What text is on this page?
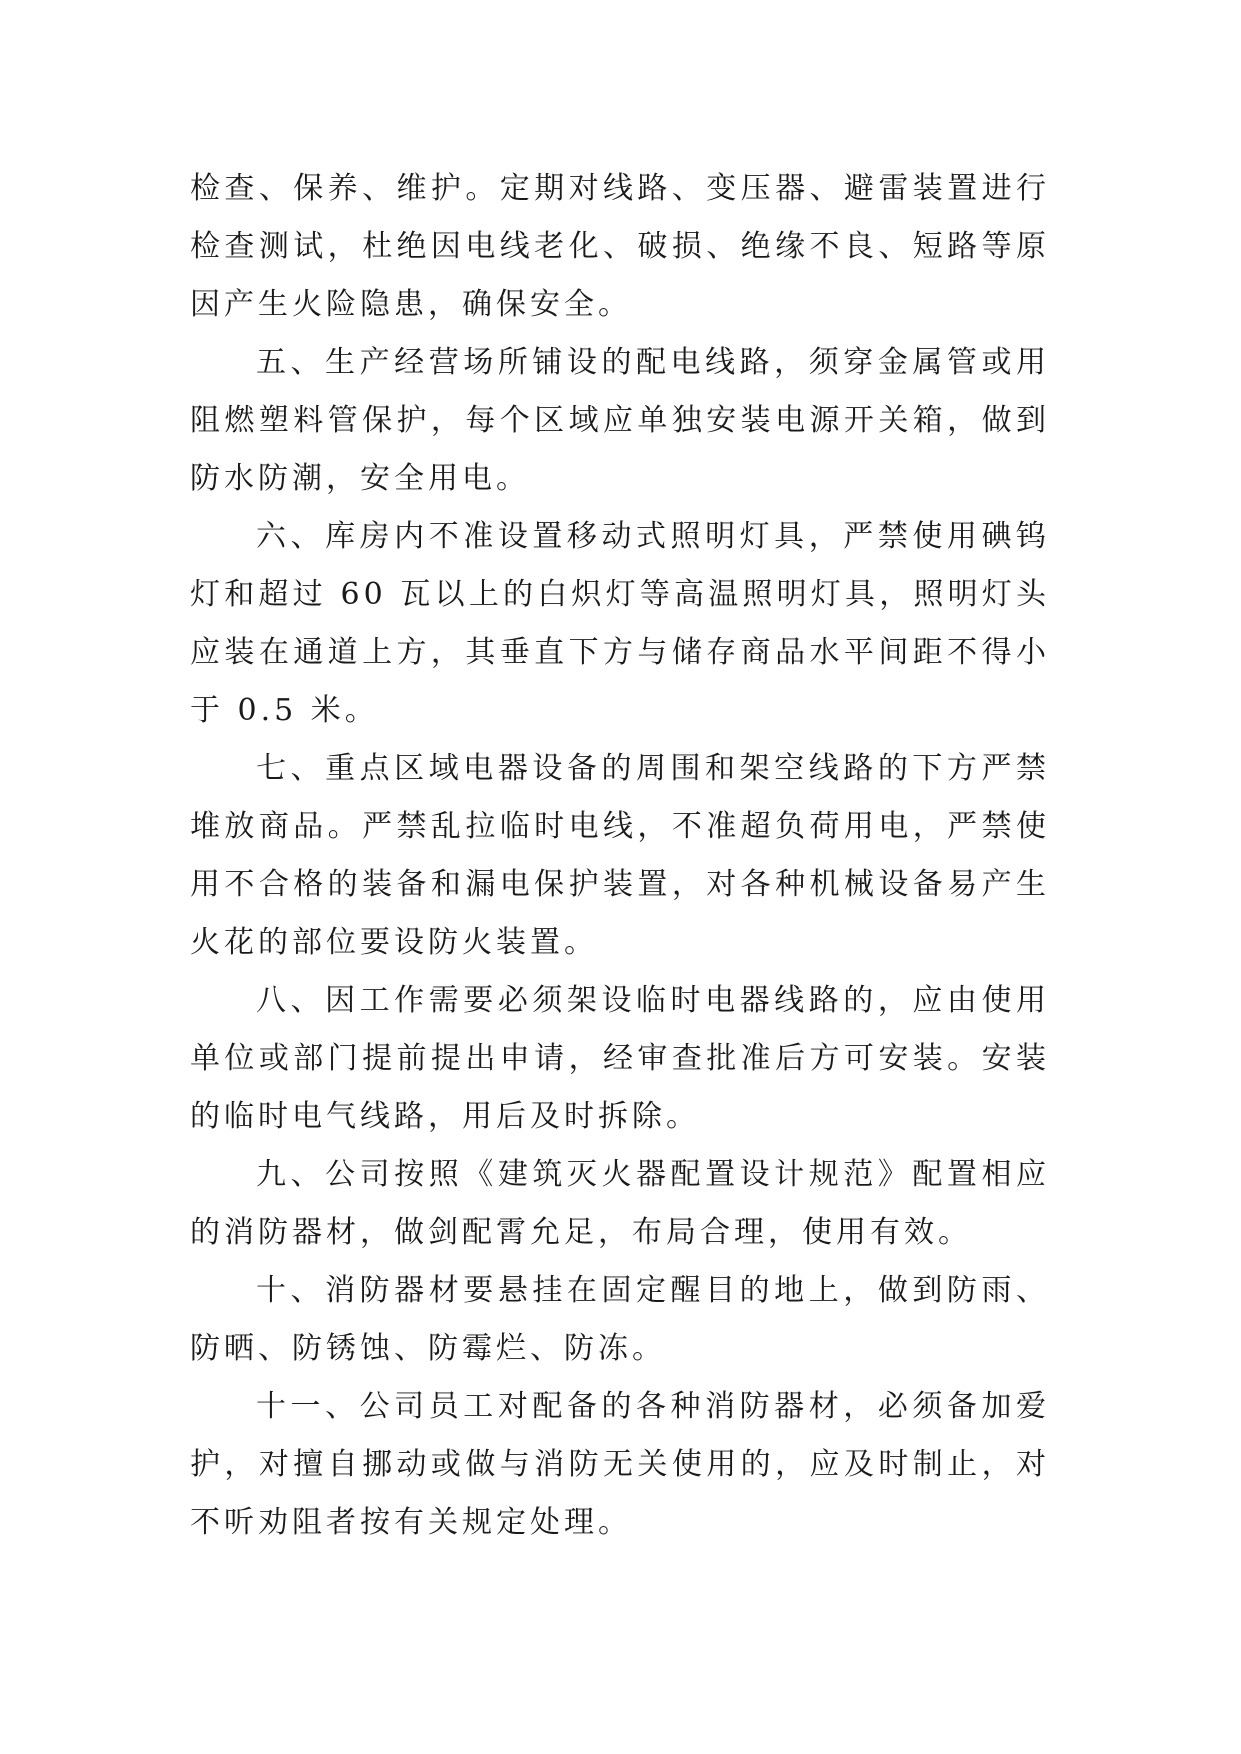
检查、保养、维护。定期对线路、变压器、避雷装置进行检查测试，杜绝因电线老化、破损、绝缘不良、短路等原因产生火险隐患，确保安全。

五、生产经营场所铺设的配电线路，须穿金属管或用阻燃塑料管保护，每个区域应单独安装电源开关箱，做到防水防潮，安全用电。

六、库房内不准设置移动式照明灯具，严禁使用碘钨灯和超过 60 瓦以上的白炽灯等高温照明灯具，照明灯头应装在通道上方，其垂直下方与储存商品水平间距不得小于 0.5 米。

七、重点区域电器设备的周围和架空线路的下方严禁堆放商品。严禁乱拉临时电线，不准超负荷用电，严禁使用不合格的装备和漏电保护装置，对各种机械设备易产生火花的部位要设防火装置。

八、因工作需要必须架设临时电器线路的，应由使用单位或部门提前提出申请，经审查批准后方可安装。安装的临时电气线路，用后及时拆除。

九、公司按照《建筑灭火器配置设计规范》配置相应的消防器材，做剑配霄允足，布局合理，使用有效。

十、消防器材要悬挂在固定醒目的地上，做到防雨、防晒、防锈蚀、防霉烂、防冻。

十一、公司员工对配备的各种消防器材，必须备加爱护，对擅自挪动或做与消防无关使用的，应及时制止，对不听劝阻者按有关规定处理。
